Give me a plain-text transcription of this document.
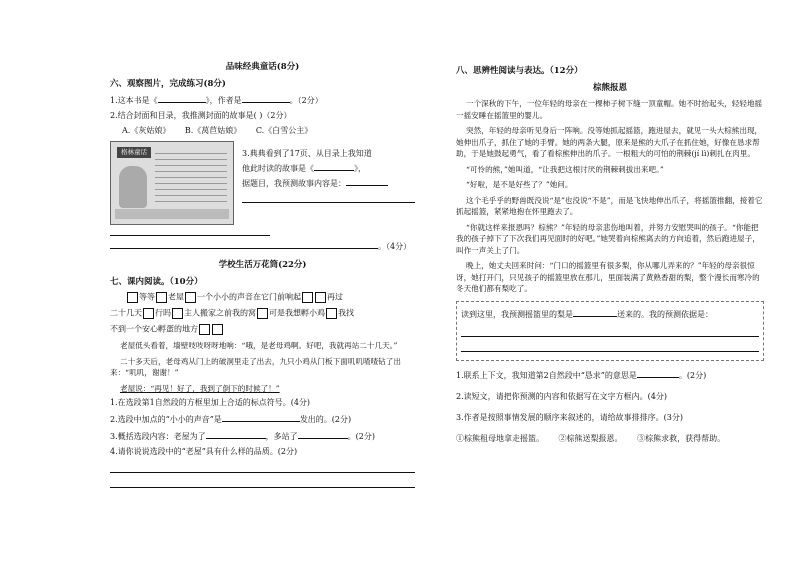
品味经典童话(8分)
六、观察图片，完成练习(8分)
1.这本书是《	》，作者是	。（2分）
2.结合封面和目录，我推测封面的故事是( )（2分）
A.《灰姑娘》 B.《莴苣姑娘》 C.《白雪公主》
格林童话	3.典典看到了17页、从目录上我知道
他此时读的故事是《	》，
据题目，我预测故事内容是：
。（4分）
学校生活万花筒(22分)
七、课内阅读。（10分）
等等 老屋 一个小小的声音在它门前响起	再过
二十几天 行吗 主人搬家之前我的窝 可是我想孵小鸡 我找
不到一个安心孵蛋的地方

老屋低头看着，墙壁吱吱呀呀地响：“哦，是老母鸡啊。好吧，我就再站二十几天。”

二十多天后，老母鸡从门上的破洞里走了出去，九只小鸡从门板下面叽叽喳喳钻了出来：“叽叽，谢谢！”

老屋说：“再见！好了，我到了倒下的时候了！”

1.在选段第1自然段的方框里加上合适的标点符号。(4分)
2.选段中加点的“小小的声音”是	发出的。(2分)
3.概括选段内容：老屋为了	，多站了	。(2分)
4.请你说说选段中的“老屋”具有什么样的品质。(2分)
八、思辨性阅读与表达。（12分）
棕熊报恩

一个深秋的下午，一位年轻的母亲在一棵柿子树下缝一顶童帽。她不时抬起头，轻轻地摇一摇安睡在摇篮里的婴儿。

突然，年轻的母亲听见身后一阵响。没等她抓起摇篮，跑进屋去，就见一头大棕熊出现，她伸出爪子，抓住了她的手臂。她的两条大腿，原来是熊的大爪子在抓住她，好像在恳求帮助，于是她鼓起勇气，看了看棕熊伸出的爪子。一根粗大的可怕的荆棘(jí lì)刺扎在肉里。

“可怜的熊，”她叫道，“让我把这根讨厌的荆棘刺拔出来吧。”

“好啦，是不是好些了？”她问。

这个毛乎乎的野兽既没说“是”也没说“不是”，而是飞快地伸出爪子，将摇篮推翻，接着它抓起摇篮，紧紧地抱在怀里跑去了。

“你就这样来报恩吗？棕熊？”年轻的母亲悲伤地叫着，并努力安慰哭叫的孩子。“你能把我的孩子掉下了下次我们再见面时的好吧。”她哭着向棕熊离去的方向追着，然后跑进屋子，叫作一声关上了门。

晚上，她丈夫回来时问：“门口的摇篮里有很多梨，你从哪儿弄来的？”年轻的母亲很惊讶，她打开门，只见孩子的摇篮里放在那儿，里面装满了黄熟香甜的梨，整个漫长而寒冷的冬天他们都有梨吃了。

读到这里，我预测摇篮里的梨是	送来的。我的预测依据是：
1.联系上下文，我知道第2自然段中“恳求”的意思是	。(2分)
2.读短文，请把你预测的内容和依据写在文字方框内。(4分)
3.作者是按照事情发展的顺序来叙述的，请给故事排排序。(3分)
①棕熊租母地拿走摇篮。 ②棕熊送梨报恩。 ③棕熊求救，获得帮助。
